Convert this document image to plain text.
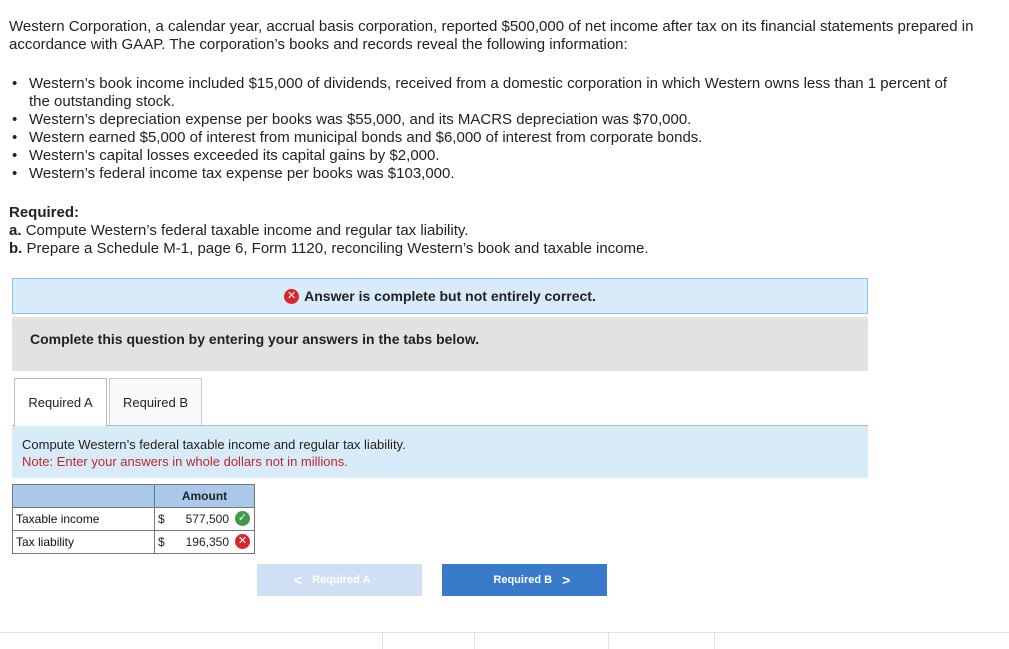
Western Corporation, a calendar year, accrual basis corporation, reported $500,000 of net income after tax on its financial statements prepared in accordance with GAAP. The corporation’s books and records reveal the following information:

• Western’s book income included $15,000 of dividends, received from a domestic corporation in which Western owns less than 1 percent of the outstanding stock.
• Western’s depreciation expense per books was $55,000, and its MACRS depreciation was $70,000.
• Western earned $5,000 of interest from municipal bonds and $6,000 of interest from corporate bonds.
• Western’s capital losses exceeded its capital gains by $2,000.
• Western’s federal income tax expense per books was $103,000.
Required:
a. Compute Western’s federal taxable income and regular tax liability.
b. Prepare a Schedule M-1, page 6, Form 1120, reconciling Western’s book and taxable income.
✕ Answer is complete but not entirely correct.
Complete this question by entering your answers in the tabs below.
Required A Required B
Compute Western’s federal taxable income and regular tax liability.
Note: Enter your answers in whole dollars not in millions.
	Amount
Taxable income	$ 577,500 ✓

Tax liability	$ 196,350 ✕
< Required A	Required B >
